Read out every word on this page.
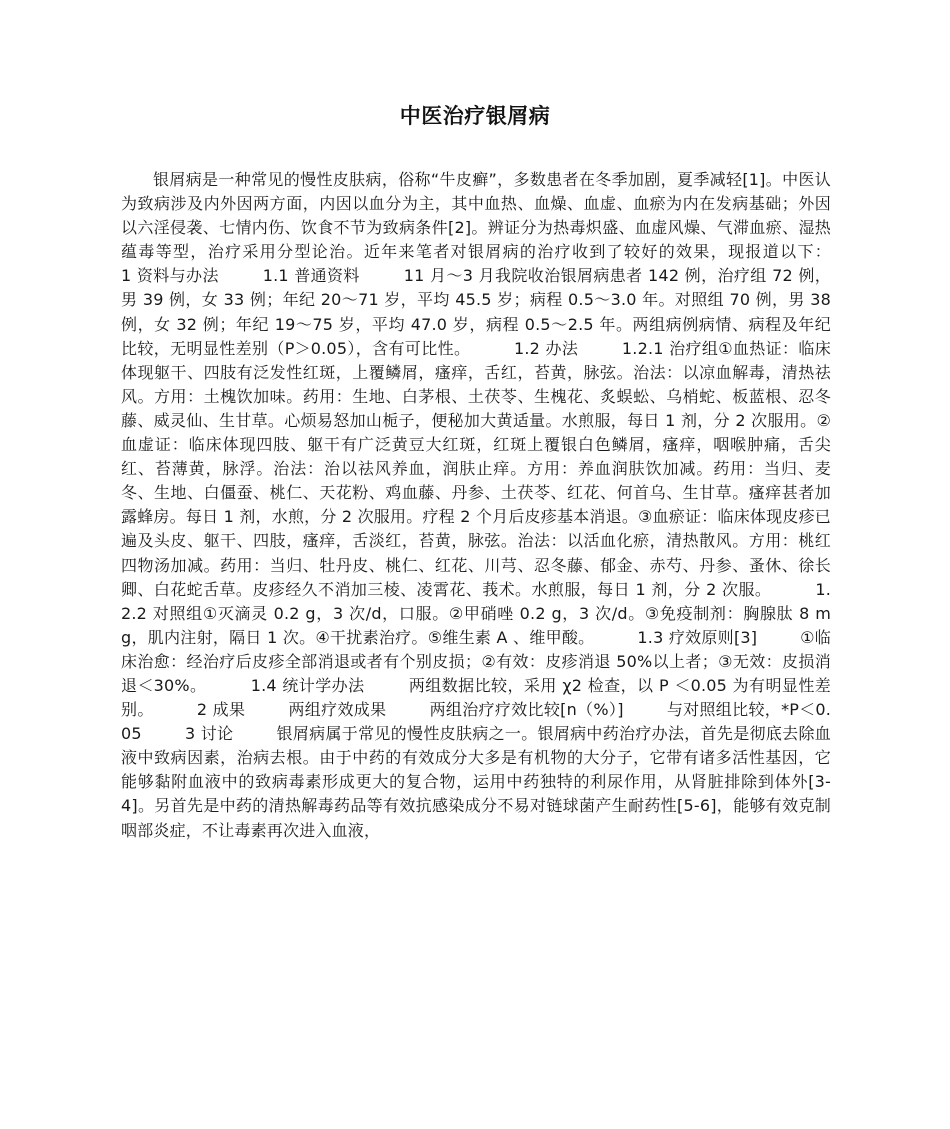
中医治疗银屑病

银屑病是一种常见的慢性皮肤病，俗称“牛皮癣”，多数患者在冬季加剧，夏季减轻[1]。中医认为致病涉及内外因两方面，内因以血分为主，其中血热、血燥、血虚、血瘀为内在发病基础；外因以六淫侵袭、七情内伤、饮食不节为致病条件[2]。辨证分为热毒炽盛、血虚风燥、气滞血瘀、湿热蕴毒等型，治疗采用分型论治。近年来笔者对银屑病的治疗收到了较好的效果，现报道以下：        1 资料与办法        1.1 普通资料        11 月～3 月我院收治银屑病患者 142 例，治疗组 72 例，男 39 例，女 33 例；年纪 20～71 岁，平均 45.5 岁；病程 0.5～3.0 年。对照组 70 例，男 38 例，女 32 例；年纪 19～75 岁，平均 47.0 岁，病程 0.5～2.5 年。两组病例病情、病程及年纪比较，无明显性差别（P＞0.05），含有可比性。        1.2 办法        1.2.1 治疗组①血热证：临床体现躯干、四肢有泛发性红斑，上覆鳞屑，瘙痒，舌红，苔黄，脉弦。治法：以凉血解毒，清热祛风。方用：土槐饮加味。药用：生地、白茅根、土茯苓、生槐花、炙蜈蚣、乌梢蛇、板蓝根、忍冬藤、威灵仙、生甘草。心烦易怒加山栀子，便秘加大黄适量。水煎服，每日 1 剂，分 2 次服用。②血虚证：临床体现四肢、躯干有广泛黄豆大红斑，红斑上覆银白色鳞屑，瘙痒，咽喉肿痛，舌尖红、苔薄黄，脉浮。治法：治以祛风养血，润肤止痒。方用：养血润肤饮加减。药用：当归、麦冬、生地、白僵蚕、桃仁、天花粉、鸡血藤、丹参、土茯苓、红花、何首乌、生甘草。瘙痒甚者加露蜂房。每日 1 剂，水煎，分 2 次服用。疗程 2 个月后皮疹基本消退。③血瘀证：临床体现皮疹已遍及头皮、躯干、四肢，瘙痒，舌淡红，苔黄，脉弦。治法：以活血化瘀，清热散风。方用：桃红四物汤加减。药用：当归、牡丹皮、桃仁、红花、川芎、忍冬藤、郁金、赤芍、丹参、蚤休、徐长卿、白花蛇舌草。皮疹经久不消加三棱、凌霄花、莪术。水煎服，每日 1 剂，分 2 次服。        1.2.2 对照组①灭滴灵 0.2 g，3 次/d，口服。②甲硝唑 0.2 g，3 次/d。③免疫制剂：胸腺肽 8 mg，肌内注射，隔日 1 次。④干扰素治疗。⑤维生素 A 、维甲酸。        1.3 疗效原则[3]        ①临床治愈：经治疗后皮疹全部消退或者有个别皮损；②有效：皮疹消退 50%以上者；③无效：皮损消退＜30%。        1.4 统计学办法        两组数据比较，采用 χ2 检查，以 P ＜0.05 为有明显性差别。        2 成果        两组疗效成果        两组治疗疗效比较[n（%）]        与对照组比较，*P＜0.05        3 讨论        银屑病属于常见的慢性皮肤病之一。银屑病中药治疗办法，首先是彻底去除血液中致病因素，治病去根。由于中药的有效成分大多是有机物的大分子，它带有诸多活性基因，它能够黏附血液中的致病毒素形成更大的复合物，运用中药独特的利尿作用，从肾脏排除到体外[3-4]。另首先是中药的清热解毒药品等有效抗感染成分不易对链球菌产生耐药性[5-6]，能够有效克制咽部炎症，不让毒素再次进入血液，
